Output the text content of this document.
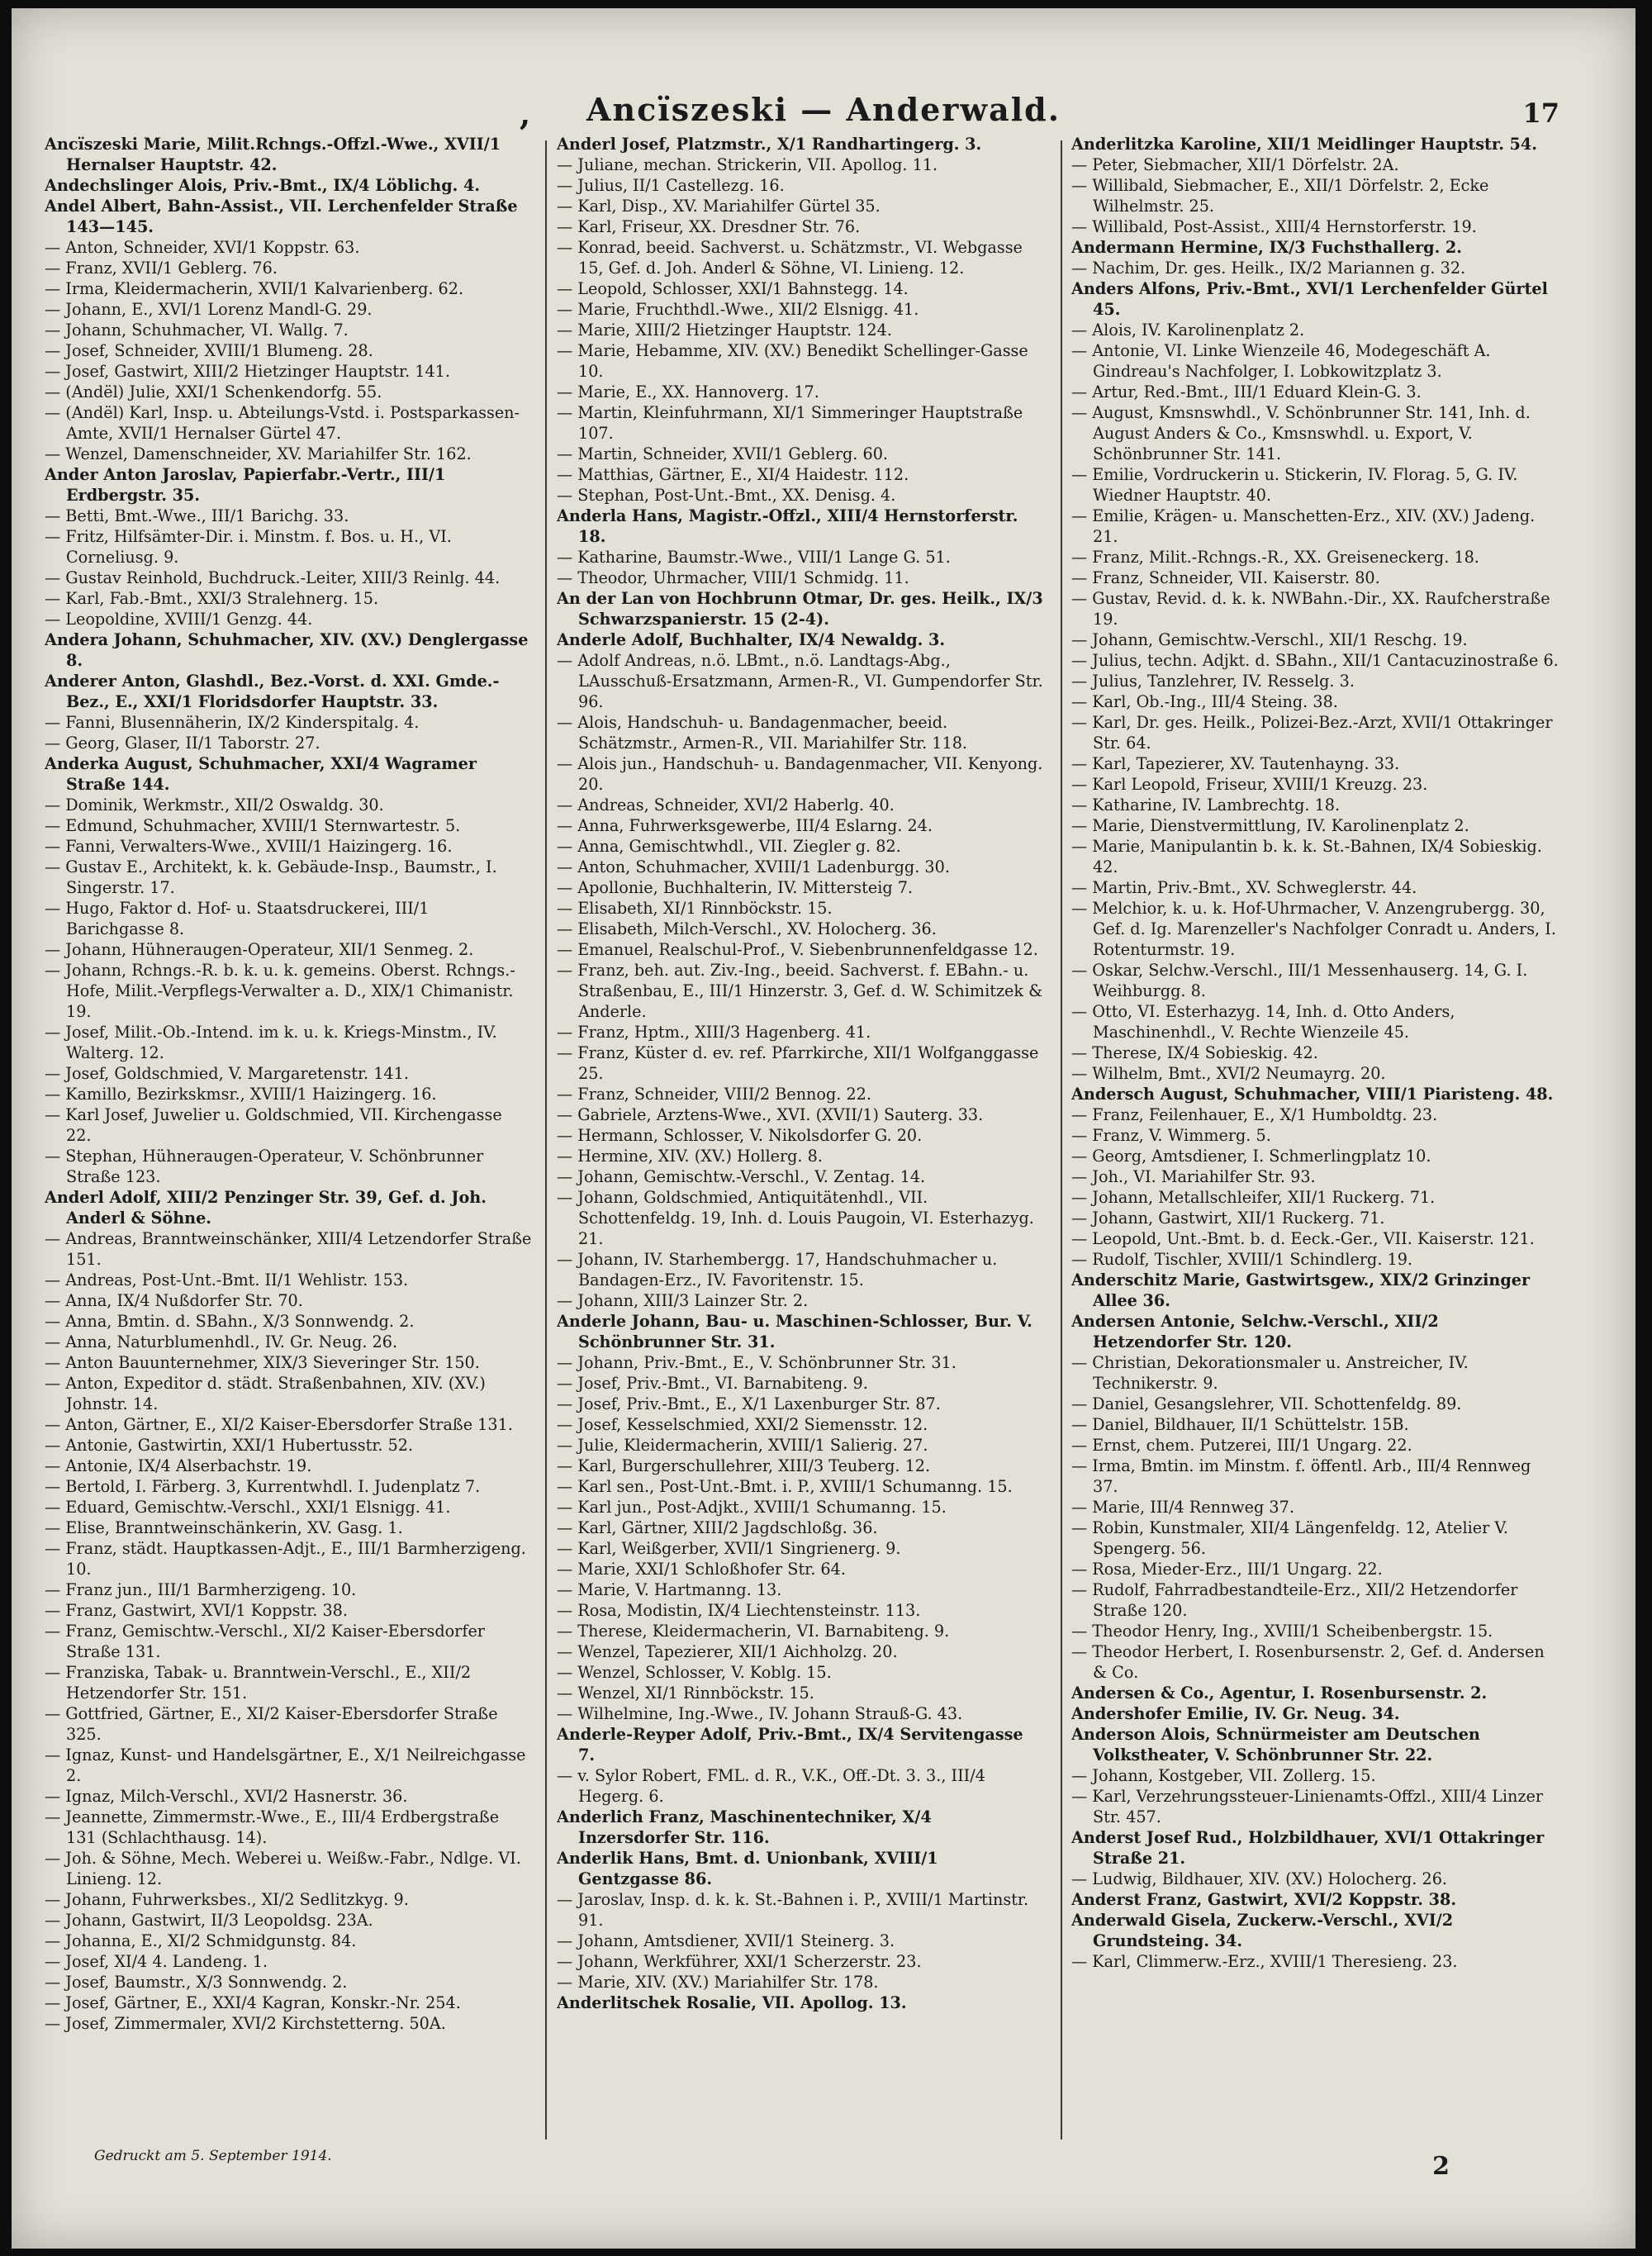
,	Ancïszeski — Anderwald.	17

Ancïszeski Marie, Milit.Rchngs.-Offzl.-Wwe., XVII/1 Hernalser Hauptstr. 42.

Andechslinger Alois, Priv.-Bmt., IX/4 Löblichg. 4.

Andel Albert, Bahn-Assist., VII. Lerchenfelder Straße 143—145.

— Anton, Schneider, XVI/1 Koppstr. 63.

— Franz, XVII/1 Geblerg. 76.

— Irma, Kleidermacherin, XVII/1 Kalvarienberg. 62.

— Johann, E., XVI/1 Lorenz Mandl-G. 29.

— Johann, Schuhmacher, VI. Wallg. 7.

— Josef, Schneider, XVIII/1 Blumeng. 28.

— Josef, Gastwirt, XIII/2 Hietzinger Hauptstr. 141.

— (Andël) Julie, XXI/1 Schenkendorfg. 55.

— (Andël) Karl, Insp. u. Abteilungs-Vstd. i. Postsparkassen-Amte, XVII/1 Hernalser Gürtel 47.

— Wenzel, Damenschneider, XV. Mariahilfer Str. 162.

Ander Anton Jaroslav, Papierfabr.-Vertr., III/1 Erdbergstr. 35.

— Betti, Bmt.-Wwe., III/1 Barichg. 33.

— Fritz, Hilfsämter-Dir. i. Minstm. f. Bos. u. H., VI. Corneliusg. 9.

— Gustav Reinhold, Buchdruck.-Leiter, XIII/3 Reinlg. 44.

— Karl, Fab.-Bmt., XXI/3 Stralehnerg. 15.

— Leopoldine, XVIII/1 Genzg. 44.

Andera Johann, Schuhmacher, XIV. (XV.) Denglergasse 8.

Anderer Anton, Glashdl., Bez.-Vorst. d. XXI. Gmde.-Bez., E., XXI/1 Floridsdorfer Hauptstr. 33.

— Fanni, Blusennäherin, IX/2 Kinderspitalg. 4.

— Georg, Glaser, II/1 Taborstr. 27.

Anderka August, Schuhmacher, XXI/4 Wagramer Straße 144.

— Dominik, Werkmstr., XII/2 Oswaldg. 30.

— Edmund, Schuhmacher, XVIII/1 Sternwartestr. 5.

— Fanni, Verwalters-Wwe., XVIII/1 Haizingerg. 16.

— Gustav E., Architekt, k. k. Gebäude-Insp., Baumstr., I. Singerstr. 17.

— Hugo, Faktor d. Hof- u. Staatsdruckerei, III/1 Barichgasse 8.

— Johann, Hühneraugen-Operateur, XII/1 Senmeg. 2.

— Johann, Rchngs.-R. b. k. u. k. gemeins. Oberst. Rchngs.-Hofe, Milit.-Verpflegs-Verwalter a. D., XIX/1 Chimanistr. 19.

— Josef, Milit.-Ob.-Intend. im k. u. k. Kriegs-Minstm., IV. Walterg. 12.

— Josef, Goldschmied, V. Margaretenstr. 141.

— Kamillo, Bezirkskmsr., XVIII/1 Haizingerg. 16.

— Karl Josef, Juwelier u. Goldschmied, VII. Kirchengasse 22.

— Stephan, Hühneraugen-Operateur, V. Schönbrunner Straße 123.

Anderl Adolf, XIII/2 Penzinger Str. 39, Gef. d. Joh. Anderl & Söhne.

— Andreas, Branntweinschänker, XIII/4 Letzendorfer Straße 151.

— Andreas, Post-Unt.-Bmt. II/1 Wehlistr. 153.

— Anna, IX/4 Nußdorfer Str. 70.

— Anna, Bmtin. d. SBahn., X/3 Sonnwendg. 2.

— Anna, Naturblumenhdl., IV. Gr. Neug. 26.

— Anton Bauunternehmer, XIX/3 Sieveringer Str. 150.

— Anton, Expeditor d. städt. Straßenbahnen, XIV. (XV.) Johnstr. 14.

— Anton, Gärtner, E., XI/2 Kaiser-Ebersdorfer Straße 131.

— Antonie, Gastwirtin, XXI/1 Hubertusstr. 52.

— Antonie, IX/4 Alserbachstr. 19.

— Bertold, I. Färberg. 3, Kurrentwhdl. I. Judenplatz 7.

— Eduard, Gemischtw.-Verschl., XXI/1 Elsnigg. 41.

— Elise, Branntweinschänkerin, XV. Gasg. 1.

— Franz, städt. Hauptkassen-Adjt., E., III/1 Barmherzigeng. 10.

— Franz jun., III/1 Barmherzigeng. 10.

— Franz, Gastwirt, XVI/1 Koppstr. 38.

— Franz, Gemischtw.-Verschl., XI/2 Kaiser-Ebersdorfer Straße 131.

— Franziska, Tabak- u. Branntwein-Verschl., E., XII/2 Hetzendorfer Str. 151.

— Gottfried, Gärtner, E., XI/2 Kaiser-Ebersdorfer Straße 325.

— Ignaz, Kunst- und Handelsgärtner, E., X/1 Neilreichgasse 2.

— Ignaz, Milch-Verschl., XVI/2 Hasnerstr. 36.

— Jeannette, Zimmermstr.-Wwe., E., III/4 Erdbergstraße 131 (Schlachthausg. 14).

— Joh. & Söhne, Mech. Weberei u. Weißw.-Fabr., Ndlge. VI. Linieng. 12.

— Johann, Fuhrwerksbes., XI/2 Sedlitzkyg. 9.

— Johann, Gastwirt, II/3 Leopoldsg. 23A.

— Johanna, E., XI/2 Schmidgunstg. 84.

— Josef, XI/4 4. Landeng. 1.

— Josef, Baumstr., X/3 Sonnwendg. 2.

— Josef, Gärtner, E., XXI/4 Kagran, Konskr.-Nr. 254.

— Josef, Zimmermaler, XVI/2 Kirchstetterng. 50A.

Anderl Josef, Platzmstr., X/1 Randhartingerg. 3.

— Juliane, mechan. Strickerin, VII. Apollog. 11.

— Julius, II/1 Castellezg. 16.

— Karl, Disp., XV. Mariahilfer Gürtel 35.

— Karl, Friseur, XX. Dresdner Str. 76.

— Konrad, beeid. Sachverst. u. Schätzmstr., VI. Webgasse 15, Gef. d. Joh. Anderl & Söhne, VI. Linieng. 12.

— Leopold, Schlosser, XXI/1 Bahnstegg. 14.

— Marie, Fruchthdl.-Wwe., XII/2 Elsnigg. 41.

— Marie, XIII/2 Hietzinger Hauptstr. 124.

— Marie, Hebamme, XIV. (XV.) Benedikt Schellinger-Gasse 10.

— Marie, E., XX. Hannoverg. 17.

— Martin, Kleinfuhrmann, XI/1 Simmeringer Hauptstraße 107.

— Martin, Schneider, XVII/1 Geblerg. 60.

— Matthias, Gärtner, E., XI/4 Haidestr. 112.

— Stephan, Post-Unt.-Bmt., XX. Denisg. 4.

Anderla Hans, Magistr.-Offzl., XIII/4 Hernstorferstr. 18.

— Katharine, Baumstr.-Wwe., VIII/1 Lange G. 51.

— Theodor, Uhrmacher, VIII/1 Schmidg. 11.

An der Lan von Hochbrunn Otmar, Dr. ges. Heilk., IX/3 Schwarzspanierstr. 15 (2-4).

Anderle Adolf, Buchhalter, IX/4 Newaldg. 3.

— Adolf Andreas, n.ö. LBmt., n.ö. Landtags-Abg., LAusschuß-Ersatzmann, Armen-R., VI. Gumpendorfer Str. 96.

— Alois, Handschuh- u. Bandagenmacher, beeid. Schätzmstr., Armen-R., VII. Mariahilfer Str. 118.

— Alois jun., Handschuh- u. Bandagenmacher, VII. Kenyong. 20.

— Andreas, Schneider, XVI/2 Haberlg. 40.

— Anna, Fuhrwerksgewerbe, III/4 Eslarng. 24.

— Anna, Gemischtwhdl., VII. Ziegler g. 82.

— Anton, Schuhmacher, XVIII/1 Ladenburgg. 30.

— Apollonie, Buchhalterin, IV. Mittersteig 7.

— Elisabeth, XI/1 Rinnböckstr. 15.

— Elisabeth, Milch-Verschl., XV. Holocherg. 36.

— Emanuel, Realschul-Prof., V. Siebenbrunnenfeldgasse 12.

— Franz, beh. aut. Ziv.-Ing., beeid. Sachverst. f. EBahn.- u. Straßenbau, E., III/1 Hinzerstr. 3, Gef. d. W. Schimitzek & Anderle.

— Franz, Hptm., XIII/3 Hagenberg. 41.

— Franz, Küster d. ev. ref. Pfarrkirche, XII/1 Wolfganggasse 25.

— Franz, Schneider, VIII/2 Bennog. 22.

— Gabriele, Arztens-Wwe., XVI. (XVII/1) Sauterg. 33.

— Hermann, Schlosser, V. Nikolsdorfer G. 20.

— Hermine, XIV. (XV.) Hollerg. 8.

— Johann, Gemischtw.-Verschl., V. Zentag. 14.

— Johann, Goldschmied, Antiquitätenhdl., VII. Schottenfeldg. 19, Inh. d. Louis Paugoin, VI. Esterhazyg. 21.

— Johann, IV. Starhembergg. 17, Handschuhmacher u. Bandagen-Erz., IV. Favoritenstr. 15.

— Johann, XIII/3 Lainzer Str. 2.

Anderle Johann, Bau- u. Maschinen-Schlosser, Bur. V. Schönbrunner Str. 31.

— Johann, Priv.-Bmt., E., V. Schönbrunner Str. 31.

— Josef, Priv.-Bmt., VI. Barnabiteng. 9.

— Josef, Priv.-Bmt., E., X/1 Laxenburger Str. 87.

— Josef, Kesselschmied, XXI/2 Siemensstr. 12.

— Julie, Kleidermacherin, XVIII/1 Salierig. 27.

— Karl, Burgerschullehrer, XIII/3 Teuberg. 12.

— Karl sen., Post-Unt.-Bmt. i. P., XVIII/1 Schumanng. 15.

— Karl jun., Post-Adjkt., XVIII/1 Schumanng. 15.

— Karl, Gärtner, XIII/2 Jagdschloßg. 36.

— Karl, Weißgerber, XVII/1 Singrienerg. 9.

— Marie, XXI/1 Schloßhofer Str. 64.

— Marie, V. Hartmanng. 13.

— Rosa, Modistin, IX/4 Liechtensteinstr. 113.

— Therese, Kleidermacherin, VI. Barnabiteng. 9.

— Wenzel, Tapezierer, XII/1 Aichholzg. 20.

— Wenzel, Schlosser, V. Koblg. 15.

— Wenzel, XI/1 Rinnböckstr. 15.

— Wilhelmine, Ing.-Wwe., IV. Johann Strauß-G. 43.

Anderle-Reyper Adolf, Priv.-Bmt., IX/4 Servitengasse 7.

— v. Sylor Robert, FML. d. R., V.K., Off.-Dt. 3. 3., III/4 Hegerg. 6.

Anderlich Franz, Maschinentechniker, X/4 Inzersdorfer Str. 116.

Anderlik Hans, Bmt. d. Unionbank, XVIII/1 Gentzgasse 86.

— Jaroslav, Insp. d. k. k. St.-Bahnen i. P., XVIII/1 Martinstr. 91.

— Johann, Amtsdiener, XVII/1 Steinerg. 3.

— Johann, Werkführer, XXI/1 Scherzerstr. 23.

— Marie, XIV. (XV.) Mariahilfer Str. 178.

Anderlitschek Rosalie, VII. Apollog. 13.

Anderlitzka Karoline, XII/1 Meidlinger Hauptstr. 54.

— Peter, Siebmacher, XII/1 Dörfelstr. 2A.

— Willibald, Siebmacher, E., XII/1 Dörfelstr. 2, Ecke Wilhelmstr. 25.

— Willibald, Post-Assist., XIII/4 Hernstorferstr. 19.

Andermann Hermine, IX/3 Fuchsthallerg. 2.

— Nachim, Dr. ges. Heilk., IX/2 Mariannen g. 32.

Anders Alfons, Priv.-Bmt., XVI/1 Lerchenfelder Gürtel 45.

— Alois, IV. Karolinenplatz 2.

— Antonie, VI. Linke Wienzeile 46, Modegeschäft A. Gindreau's Nachfolger, I. Lobkowitzplatz 3.

— Artur, Red.-Bmt., III/1 Eduard Klein-G. 3.

— August, Kmsnswhdl., V. Schönbrunner Str. 141, Inh. d. August Anders & Co., Kmsnswhdl. u. Export, V. Schönbrunner Str. 141.

— Emilie, Vordruckerin u. Stickerin, IV. Florag. 5, G. IV. Wiedner Hauptstr. 40.

— Emilie, Krägen- u. Manschetten-Erz., XIV. (XV.) Jadeng. 21.

— Franz, Milit.-Rchngs.-R., XX. Greiseneckerg. 18.

— Franz, Schneider, VII. Kaiserstr. 80.

— Gustav, Revid. d. k. k. NWBahn.-Dir., XX. Raufcherstraße 19.

— Johann, Gemischtw.-Verschl., XII/1 Reschg. 19.

— Julius, techn. Adjkt. d. SBahn., XII/1 Cantacuzinostraße 6.

— Julius, Tanzlehrer, IV. Resselg. 3.

— Karl, Ob.-Ing., III/4 Steing. 38.

— Karl, Dr. ges. Heilk., Polizei-Bez.-Arzt, XVII/1 Ottakringer Str. 64.

— Karl, Tapezierer, XV. Tautenhayng. 33.

— Karl Leopold, Friseur, XVIII/1 Kreuzg. 23.

— Katharine, IV. Lambrechtg. 18.

— Marie, Dienstvermittlung, IV. Karolinenplatz 2.

— Marie, Manipulantin b. k. k. St.-Bahnen, IX/4 Sobieskig. 42.

— Martin, Priv.-Bmt., XV. Schweglerstr. 44.

— Melchior, k. u. k. Hof-Uhrmacher, V. Anzengrubergg. 30, Gef. d. Ig. Marenzeller's Nachfolger Conradt u. Anders, I. Rotenturmstr. 19.

— Oskar, Selchw.-Verschl., III/1 Messenhauserg. 14, G. I. Weihburgg. 8.

— Otto, VI. Esterhazyg. 14, Inh. d. Otto Anders, Maschinenhdl., V. Rechte Wienzeile 45.

— Therese, IX/4 Sobieskig. 42.

— Wilhelm, Bmt., XVI/2 Neumayrg. 20.

Andersch August, Schuhmacher, VIII/1 Piaristeng. 48.

— Franz, Feilenhauer, E., X/1 Humboldtg. 23.

— Franz, V. Wimmerg. 5.

— Georg, Amtsdiener, I. Schmerlingplatz 10.

— Joh., VI. Mariahilfer Str. 93.

— Johann, Metallschleifer, XII/1 Ruckerg. 71.

— Johann, Gastwirt, XII/1 Ruckerg. 71.

— Leopold, Unt.-Bmt. b. d. Eeck.-Ger., VII. Kaiserstr. 121.

— Rudolf, Tischler, XVIII/1 Schindlerg. 19.

Anderschitz Marie, Gastwirtsgew., XIX/2 Grinzinger Allee 36.

Andersen Antonie, Selchw.-Verschl., XII/2 Hetzendorfer Str. 120.

— Christian, Dekorationsmaler u. Anstreicher, IV. Technikerstr. 9.

— Daniel, Gesangslehrer, VII. Schottenfeldg. 89.

— Daniel, Bildhauer, II/1 Schüttelstr. 15B.

— Ernst, chem. Putzerei, III/1 Ungarg. 22.

— Irma, Bmtin. im Minstm. f. öffentl. Arb., III/4 Rennweg 37.

— Marie, III/4 Rennweg 37.

— Robin, Kunstmaler, XII/4 Längenfeldg. 12, Atelier V. Spengerg. 56.

— Rosa, Mieder-Erz., III/1 Ungarg. 22.

— Rudolf, Fahrradbestandteile-Erz., XII/2 Hetzendorfer Straße 120.

— Theodor Henry, Ing., XVIII/1 Scheibenbergstr. 15.

— Theodor Herbert, I. Rosenbursenstr. 2, Gef. d. Andersen & Co.

Andersen & Co., Agentur, I. Rosenbursenstr. 2.

Andershofer Emilie, IV. Gr. Neug. 34.

Anderson Alois, Schnürmeister am Deutschen Volkstheater, V. Schönbrunner Str. 22.

— Johann, Kostgeber, VII. Zollerg. 15.

— Karl, Verzehrungssteuer-Linienamts-Offzl., XIII/4 Linzer Str. 457.

Anderst Josef Rud., Holzbildhauer, XVI/1 Ottakringer Straße 21.

— Ludwig, Bildhauer, XIV. (XV.) Holocherg. 26.

Anderst Franz, Gastwirt, XVI/2 Koppstr. 38.

Anderwald Gisela, Zuckerw.-Verschl., XVI/2 Grundsteing. 34.

— Karl, Climmerw.-Erz., XVIII/1 Theresieng. 23.

Gedruckt am 5. September 1914.	2
